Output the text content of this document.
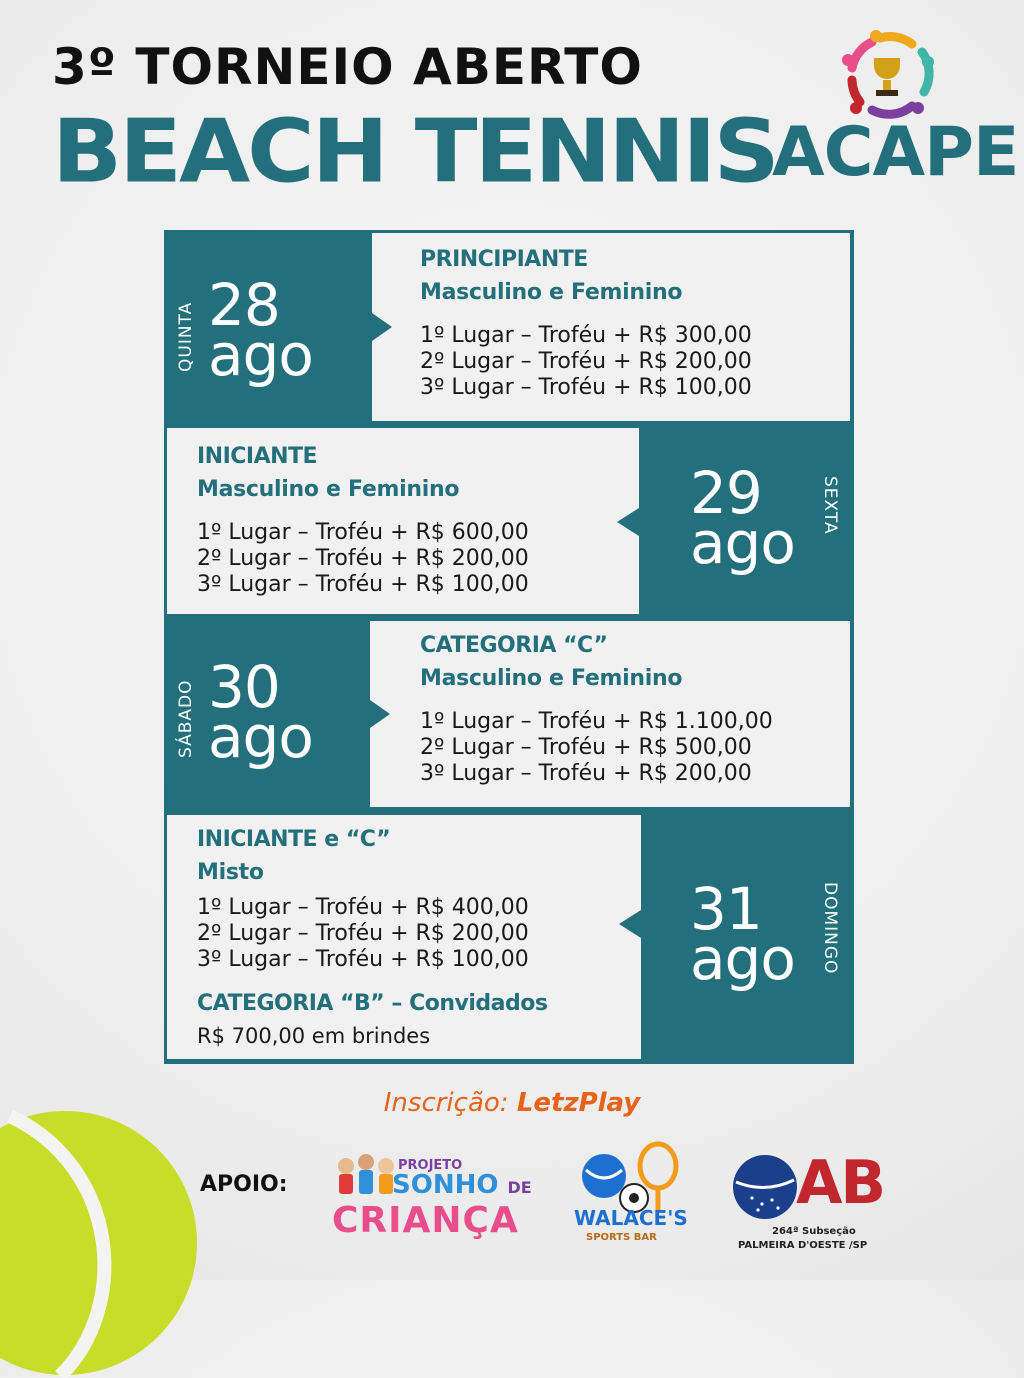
3º TORNEIO ABERTO
BEACH TENNIS
ACAPE
PRINCIPIANTE
Masculino e Feminino
1º Lugar – Troféu + R$ 300,00
2º Lugar – Troféu + R$ 200,00
3º Lugar – Troféu + R$ 100,00
QUINTA 28
ago
INICIANTE
Masculino e Feminino
1º Lugar – Troféu + R$ 600,00
2º Lugar – Troféu + R$ 200,00
3º Lugar – Troféu + R$ 100,00
29
ago
SEXTA
CATEGORIA “C”
Masculino e Feminino
1º Lugar – Troféu + R$ 1.100,00
2º Lugar – Troféu + R$ 500,00
3º Lugar – Troféu + R$ 200,00
SÁBADO 30
ago
INICIANTE e “C”
Misto
1º Lugar – Troféu + R$ 400,00
2º Lugar – Troféu + R$ 200,00
3º Lugar – Troféu + R$ 100,00
CATEGORIA “B” – Convidados
R$ 700,00 em brindes
31
ago DOMINGO
Inscrição: LetzPlay
APOIO:
PROJETO
SONHO DE
CRIANÇA	WALACE'S
SPORTS BAR
AB
264ª Subseção
PALMEIRA D'OESTE /SP
